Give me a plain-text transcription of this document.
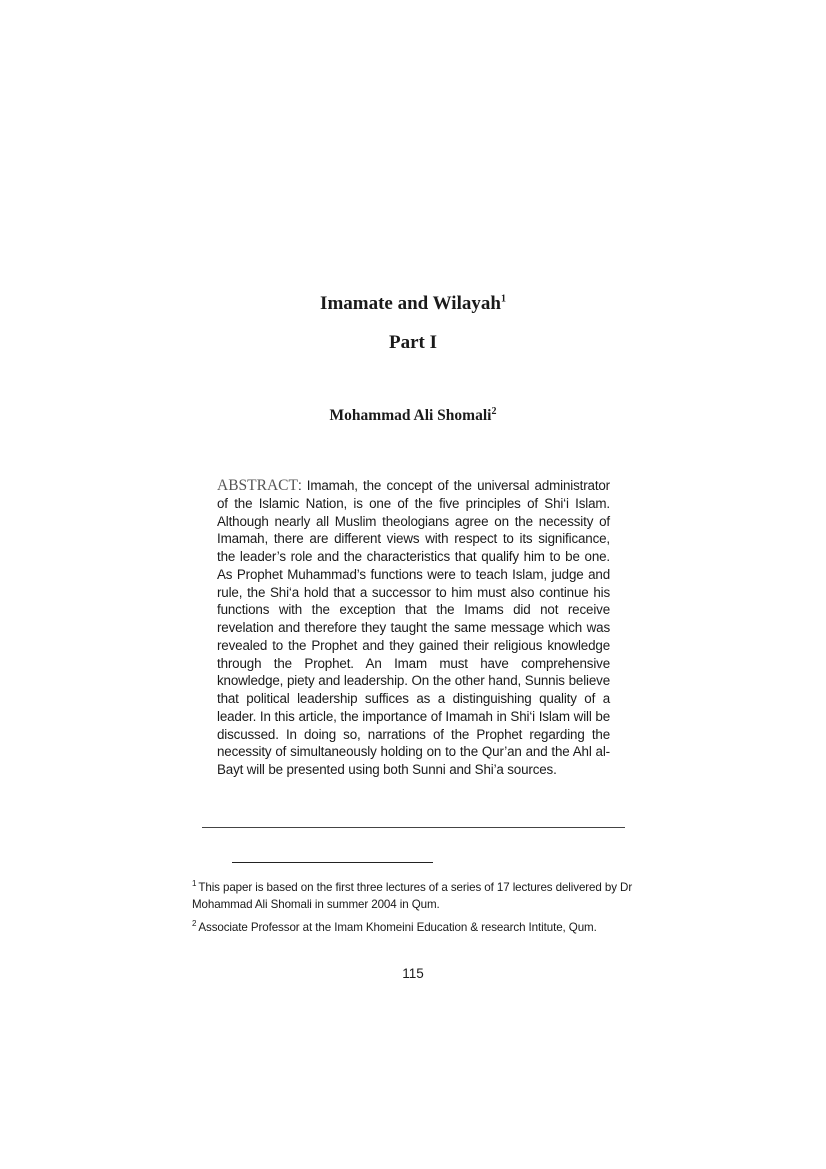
Imamate and Wilayah$^1$
Part I
Mohammad Ali Shomali$^2$

ABSTRACT: Imamah, the concept of the universal administrator of the Islamic Nation, is one of the five principles of Shi‘i Islam. Although nearly all Muslim theologians agree on the necessity of Imamah, there are different views with respect to its significance, the leader’s role and the characteristics that qualify him to be one. As Prophet Muhammad’s functions were to teach Islam, judge and rule, the Shi‘a hold that a successor to him must also continue his functions with the exception that the Imams did not receive revelation and therefore they taught the same message which was revealed to the Prophet and they gained their religious knowledge through the Prophet. An Imam must have comprehensive knowledge, piety and leadership. On the other hand, Sunnis believe that political leadership suffices as a distinguishing quality of a leader. In this article, the importance of Imamah in Shi‘i Islam will be discussed. In doing so, narrations of the Prophet regarding the necessity of simultaneously holding on to the Qur’an and the Ahl al-Bayt will be presented using both Sunni and Shi’a sources.

$^1$ This paper is based on the first three lectures of a series of 17 lectures delivered by Dr Mohammad Ali Shomali in summer 2004 in Qum.
$^2$ Associate Professor at the Imam Khomeini Education & research Intitute, Qum.
115
